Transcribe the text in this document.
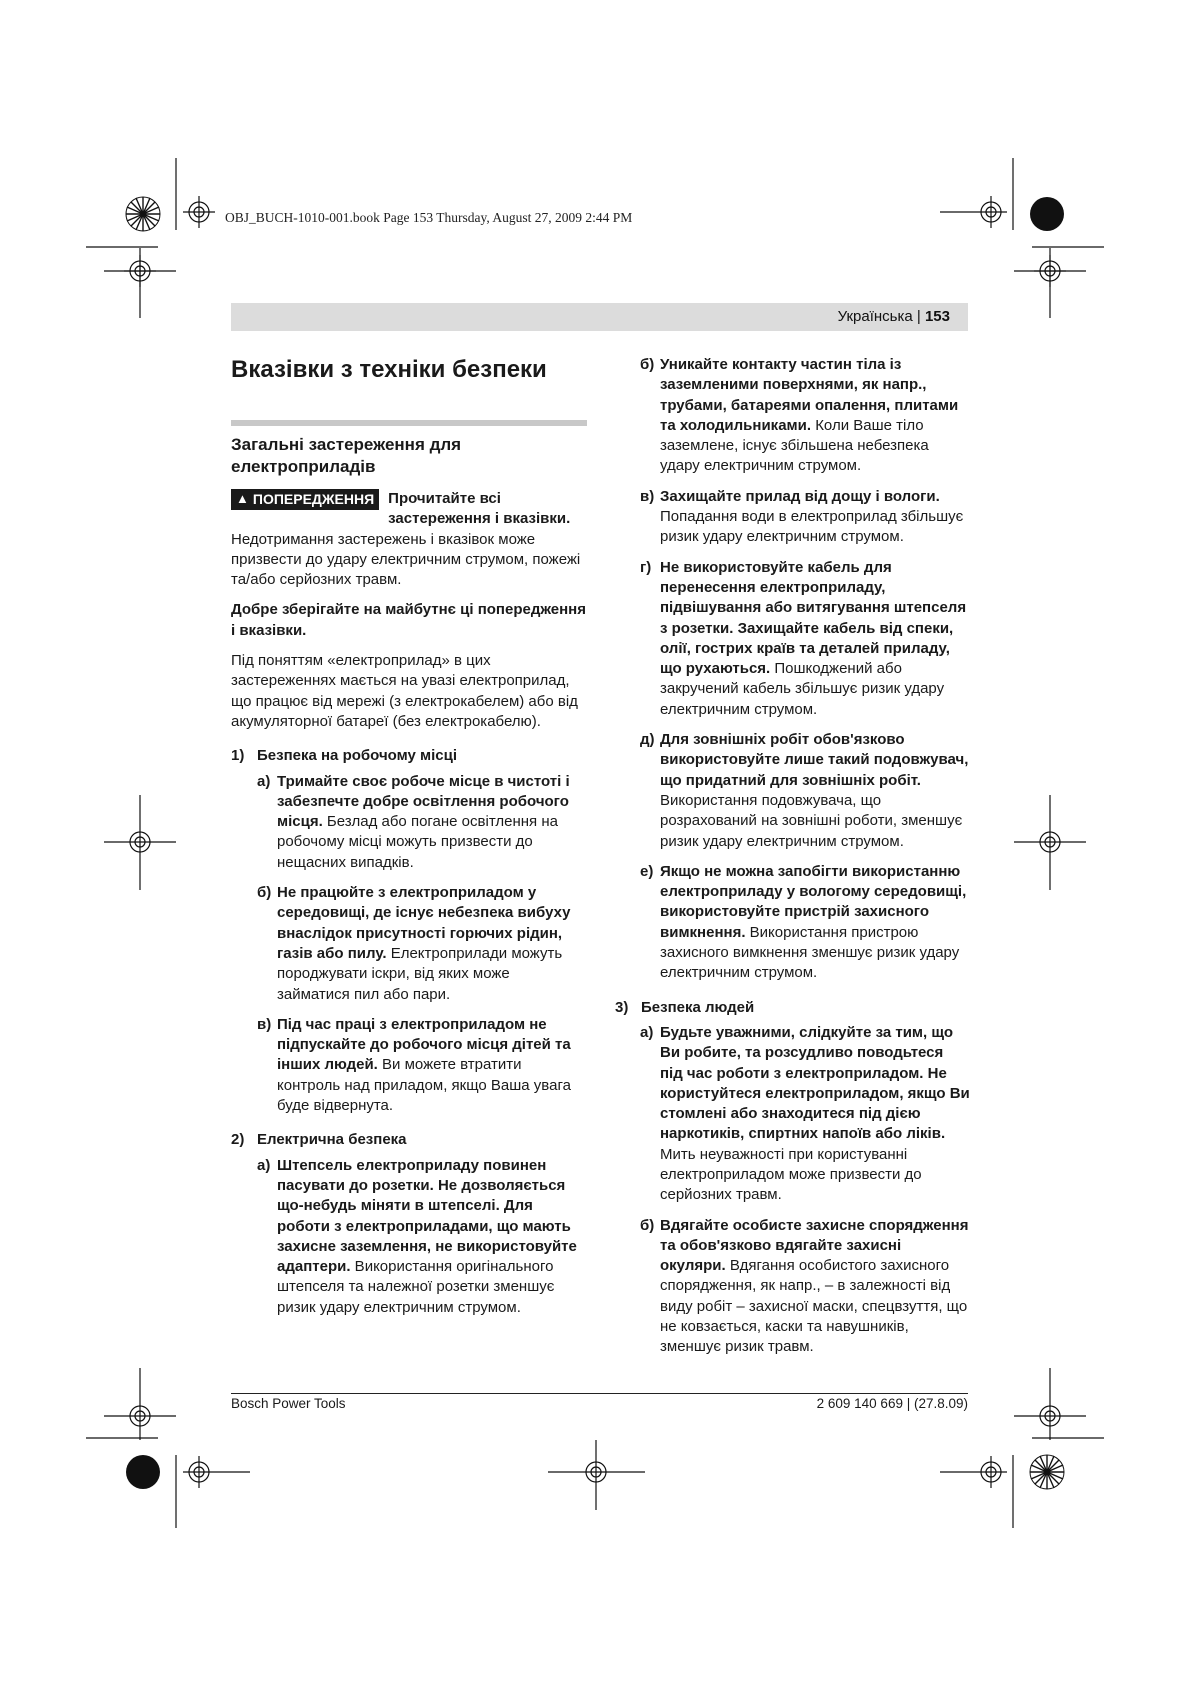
OBJ_BUCH-1010-001.book Page 153 Thursday, August 27, 2009 2:44 PM
Українська | 153
Вказівки з техніки безпеки
Загальні застереження для електроприладів
▲ ПОПЕРЕДЖЕННЯ Прочитайте всі застереження і вказівки.

Недотримання застережень і вказівок може призвести до удару електричним струмом, пожежі та/або серйозних травм.

Добре зберігайте на майбутнє ці попередження і вказівки.

Під поняттям «електроприлад» в цих застереженнях мається на увазі електроприлад, що працює від мережі (з електрокабелем) або від акумуляторної батареї (без електрокабелю).

1) Безпека на робочому місці
а) Тримайте своє робоче місце в чистоті і забезпечте добре освітлення робочого місця. Безлад або погане освітлення на робочому місці можуть призвести до нещасних випадків.

б) Не працюйте з електроприладом у середовищі, де існує небезпека вибуху внаслідок присутності горючих рідин, газів або пилу. Електроприлади можуть породжувати іскри, від яких може займатися пил або пари.

в) Під час праці з електроприладом не підпускайте до робочого місця дітей та інших людей. Ви можете втратити контроль над приладом, якщо Ваша увага буде відвернута.

2) Електрична безпека
а) Штепсель електроприладу повинен пасувати до розетки. Не дозволяється що-небудь міняти в штепселі. Для роботи з електроприладами, що мають захисне заземлення, не використовуйте адаптери. Використання оригінального штепселя та належної розетки зменшує ризик удару електричним струмом.

б) Уникайте контакту частин тіла із заземленими поверхнями, як напр., трубами, батареями опалення, плитами та холодильниками. Коли Ваше тіло заземлене, існує збільшена небезпека удару електричним струмом.

в) Захищайте прилад від дощу і вологи. Попадання води в електроприлад збільшує ризик удару електричним струмом.

г) Не використовуйте кабель для перенесення електроприладу, підвішування або витягування штепселя з розетки. Захищайте кабель від спеки, олії, гострих країв та деталей приладу, що рухаються. Пошкоджений або закручений кабель збільшує ризик удару електричним струмом.

д) Для зовнішніх робіт обов'язково використовуйте лише такий подовжувач, що придатний для зовнішніх робіт. Використання подовжувача, що розрахований на зовнішні роботи, зменшує ризик удару електричним струмом.

е) Якщо не можна запобігти використанню електроприладу у вологому середовищі, використовуйте пристрій захисного вимкнення. Використання пристрою захисного вимкнення зменшує ризик удару електричним струмом.

3) Безпека людей
а) Будьте уважними, слідкуйте за тим, що Ви робите, та розсудливо поводьтеся під час роботи з електроприладом. Не користуйтеся електроприладом, якщо Ви стомлені або знаходитеся під дією наркотиків, спиртних напоїв або ліків. Мить неуважності при користуванні електроприладом може призвести до серйозних травм.

б) Вдягайте особисте захисне спорядження та обов'язково вдягайте захисні окуляри. Вдягання особистого захисного спорядження, як напр., – в залежності від виду робіт – захисної маски, спецвзуття, що не ковзається, каски та навушників, зменшує ризик травм.

Bosch Power Tools	2 609 140 669 | (27.8.09)
